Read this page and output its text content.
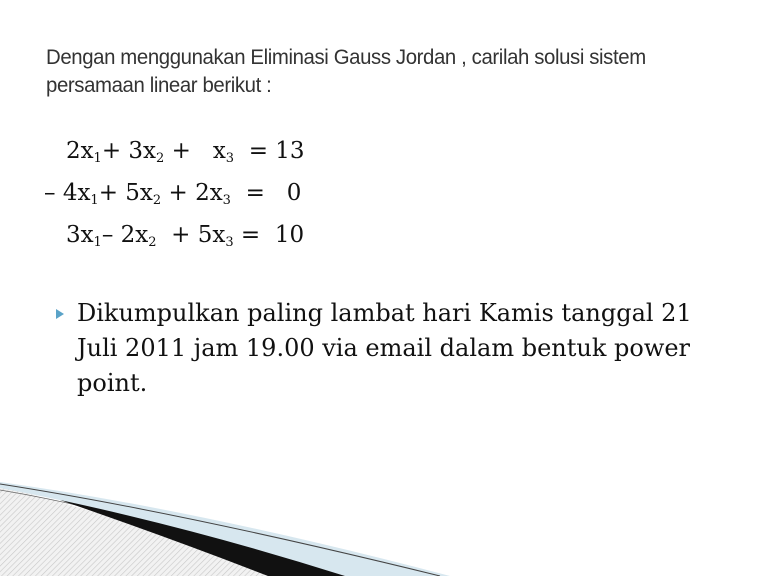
Dengan menggunakan Eliminasi Gauss Jordan , carilah solusi sistem
persamaan linear berikut :
$2x_1+ 3x_2 + x_3 = 13$
– $4x_1+ 5x_2 + 2x_3 = 0$
$3x_1-$ $2x_2 + 5x_3 = 10$
Dikumpulkan paling lambat hari Kamis tanggal 21 Juli 2011 jam 19.00 via email dalam bentuk power point.
